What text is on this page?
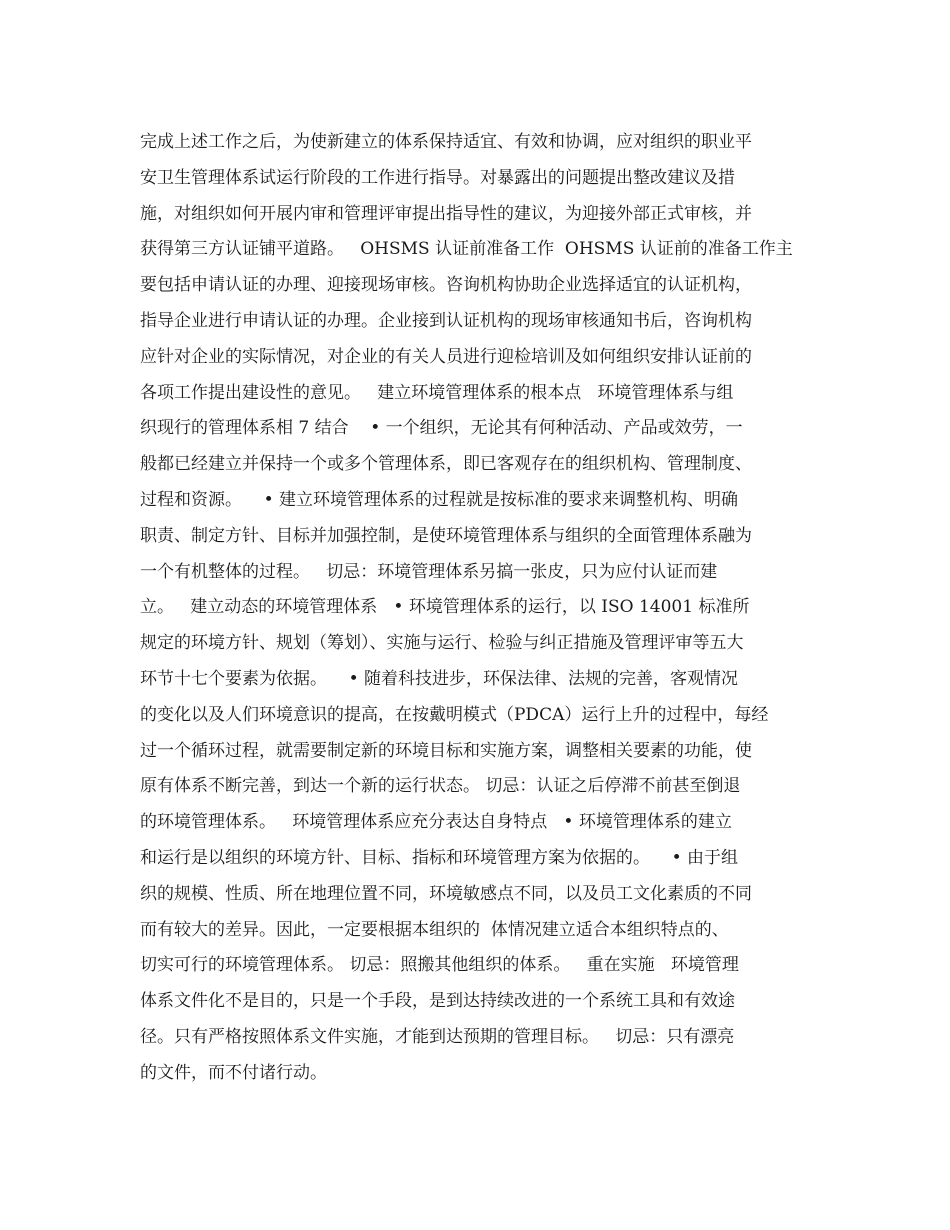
完成上述工作之后，为使新建立的体系保持适宜、有效和协调，应对组织的职业平
安卫生管理体系试运行阶段的工作进行指导。对暴露出的问题提出整改建议及措
施，对组织如何开展内审和管理评审提出指导性的建议，为迎接外部正式审核，并
获得第三方认证铺平道路。   OHSMS 认证前准备工作  OHSMS 认证前的准备工作主
要包括申请认证的办理、迎接现场审核。咨询机构协助企业选择适宜的认证机构，
指导企业进行申请认证的办理。企业接到认证机构的现场审核通知书后，咨询机构
应针对企业的实际情况，对企业的有关人员进行迎检培训及如何组织安排认证前的
各项工作提出建设性的意见。   建立环境管理体系的根本点   环境管理体系与组
织现行的管理体系相 7 结合    • 一个组织，无论其有何种活动、产品或效劳，一
般都已经建立并保持一个或多个管理体系，即已客观存在的组织机构、管理制度、
过程和资源。    • 建立环境管理体系的过程就是按标准的要求来调整机构、明确
职责、制定方针、目标并加强控制，是使环境管理体系与组织的全面管理体系融为
一个有机整体的过程。   切忌：环境管理体系另搞一张皮，只为应付认证而建
立。   建立动态的环境管理体系   • 环境管理体系的运行，以 ISO 14001 标准所
规定的环境方针、规划（筹划）、实施与运行、检验与纠正措施及管理评审等五大
环节十七个要素为依据。    • 随着科技进步，环保法律、法规的完善，客观情况
的变化以及人们环境意识的提高，在按戴明模式（PDCA）运行上升的过程中，每经
过一个循环过程，就需要制定新的环境目标和实施方案，调整相关要素的功能，使
原有体系不断完善，到达一个新的运行状态。 切忌：认证之后停滞不前甚至倒退
的环境管理体系。   环境管理体系应充分表达自身特点   • 环境管理体系的建立
和运行是以组织的环境方针、目标、指标和环境管理方案为依据的。    • 由于组
织的规模、性质、所在地理位置不同，环境敏感点不同，以及员工文化素质的不同
而有较大的差异。因此，一定要根据本组织的  体情况建立适合本组织特点的、
切实可行的环境管理体系。 切忌：照搬其他组织的体系。   重在实施   环境管理
体系文件化不是目的，只是一个手段，是到达持续改进的一个系统工具和有效途
径。只有严格按照体系文件实施，才能到达预期的管理目标。   切忌：只有漂亮
的文件，而不付诸行动。
